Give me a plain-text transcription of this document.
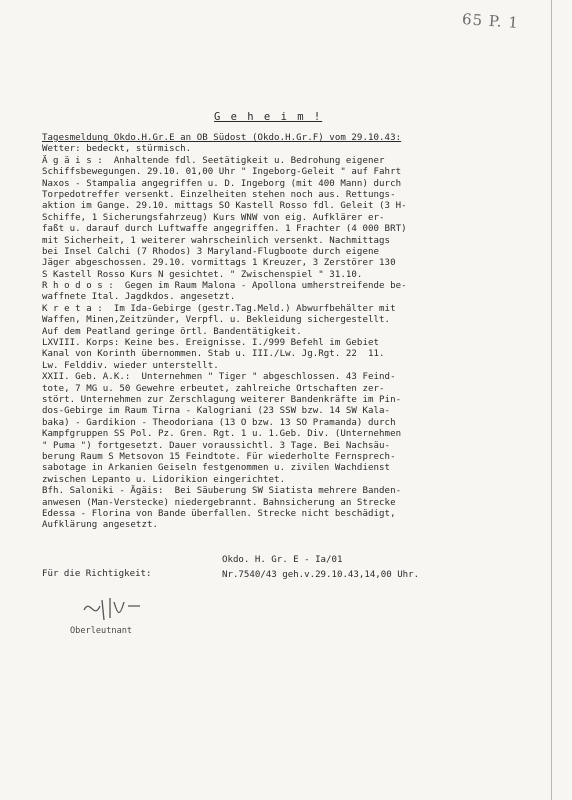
65 P. 1
G e h e i m !
Tagesmeldung Okdo.H.Gr.E an OB Südost (Okdo.H.Gr.F) vom 29.10.43:
Wetter: bedeckt, stürmisch.
Ä g ä i s :  Anhaltende fdl. Seetätigkeit u. Bedrohung eigener
Schiffsbewegungen. 29.10. 01,00 Uhr " Ingeborg-Geleit " auf Fahrt
Naxos - Stampalia angegriffen u. D. Ingeborg (mit 400 Mann) durch
Torpedotreffer versenkt. Einzelheiten stehen noch aus. Rettungs-
aktion im Gange. 29.10. mittags SO Kastell Rosso fdl. Geleit (3 H-
Schiffe, 1 Sicherungsfahrzeug) Kurs WNW von eig. Aufklärer er-
faßt u. darauf durch Luftwaffe angegriffen. 1 Frachter (4 000 BRT)
mit Sicherheit, 1 weiterer wahrscheinlich versenkt. Nachmittags
bei Insel Calchi (7 Rhodos) 3 Maryland-Flugboote durch eigene
Jäger abgeschossen. 29.10. vormittags 1 Kreuzer, 3 Zerstörer 130
S Kastell Rosso Kurs N gesichtet. " Zwischenspiel " 31.10.
R h o d o s :  Gegen im Raum Malona - Apollona umherstreifende be-
waffnete Ital. Jagdkdos. angesetzt.
K r e t a :  Im Ida-Gebirge (gestr.Tag.Meld.) Abwurfbehälter mit
Waffen, Minen,Zeitzünder, Verpfl. u. Bekleidung sichergestellt.
Auf dem Peatland geringe örtl. Bandentätigkeit.
LXVIII. Korps: Keine bes. Ereignisse. I./999 Befehl im Gebiet
Kanal von Korinth übernommen. Stab u. III./Lw. Jg.Rgt. 22  11.
Lw. Felddiv. wieder unterstellt.
XXII. Geb. A.K.:  Unternehmen " Tiger " abgeschlossen. 43 Feind-
tote, 7 MG u. 50 Gewehre erbeutet, zahlreiche Ortschaften zer-
stört. Unternehmen zur Zerschlagung weiterer Bandenkräfte im Pin-
dos-Gebirge im Raum Tirna - Kalogriani (23 SSW bzw. 14 SW Kala-
baka) - Gardikion - Theodoriana (13 O bzw. 13 SO Pramanda) durch
Kampfgruppen SS Pol. Pz. Gren. Rgt. 1 u. 1.Geb. Div. (Unternehmen
" Puma ") fortgesetzt. Dauer voraussichtl. 3 Tage. Bei Nachsäu-
berung Raum S Metsovon 15 Feindtote. Für wiederholte Fernsprech-
sabotage in Arkanien Geiseln festgenommen u. zivilen Wachdienst
zwischen Lepanto u. Lidorikion eingerichtet.
Bfh. Saloniki - Ägäis:  Bei Säuberung SW Siatista mehrere Banden-
anwesen (Man-Verstecke) niedergebrannt. Bahnsicherung an Strecke
Edessa - Florina von Bande überfallen. Strecke nicht beschädigt,
Aufklärung angesetzt.
Okdo. H. Gr. E - Ia/01
Nr.7540/43 geh.v.29.10.43,14,00 Uhr.
Für die Richtigkeit:
Oberleutnant
